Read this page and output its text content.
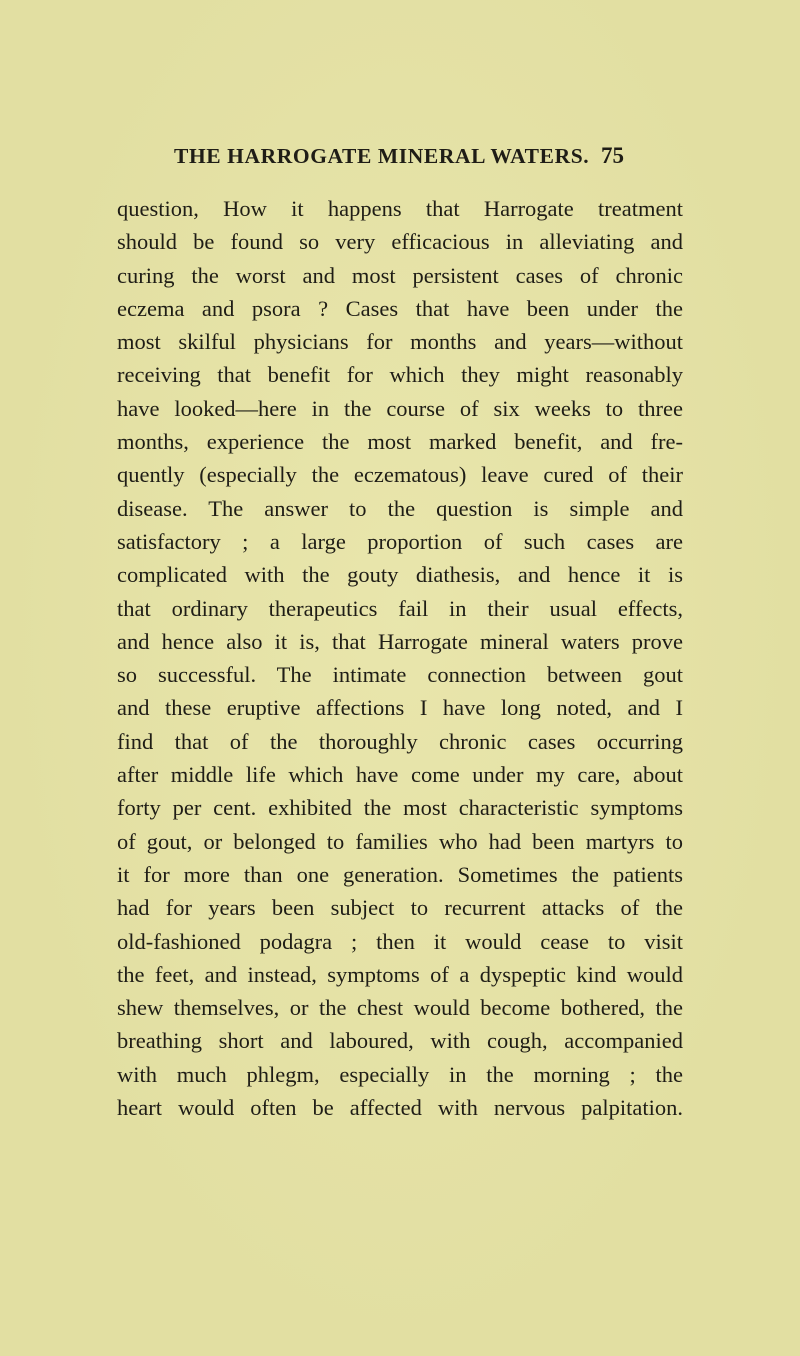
THE HARROGATE MINERAL WATERS. 75
question, How it happens that Harrogate treatment
should be found so very efficacious in alleviating and
curing the worst and most persistent cases of chronic
eczema and psora ? Cases that have been under the
most skilful physicians for months and years—without
receiving that benefit for which they might reasonably
have looked—here in the course of six weeks to three
months, experience the most marked benefit, and fre-
quently (especially the eczematous) leave cured of their
disease. The answer to the question is simple and
satisfactory ; a large proportion of such cases are
complicated with the gouty diathesis, and hence it is
that ordinary therapeutics fail in their usual effects,
and hence also it is, that Harrogate mineral waters prove
so successful. The intimate connection between gout
and these eruptive affections I have long noted, and I
find that of the thoroughly chronic cases occurring
after middle life which have come under my care, about
forty per cent. exhibited the most characteristic symptoms
of gout, or belonged to families who had been martyrs to
it for more than one generation. Sometimes the patients
had for years been subject to recurrent attacks of the
old-fashioned podagra ; then it would cease to visit
the feet, and instead, symptoms of a dyspeptic kind would
shew themselves, or the chest would become bothered, the
breathing short and laboured, with cough, accompanied
with much phlegm, especially in the morning ; the
heart would often be affected with nervous palpitation.
